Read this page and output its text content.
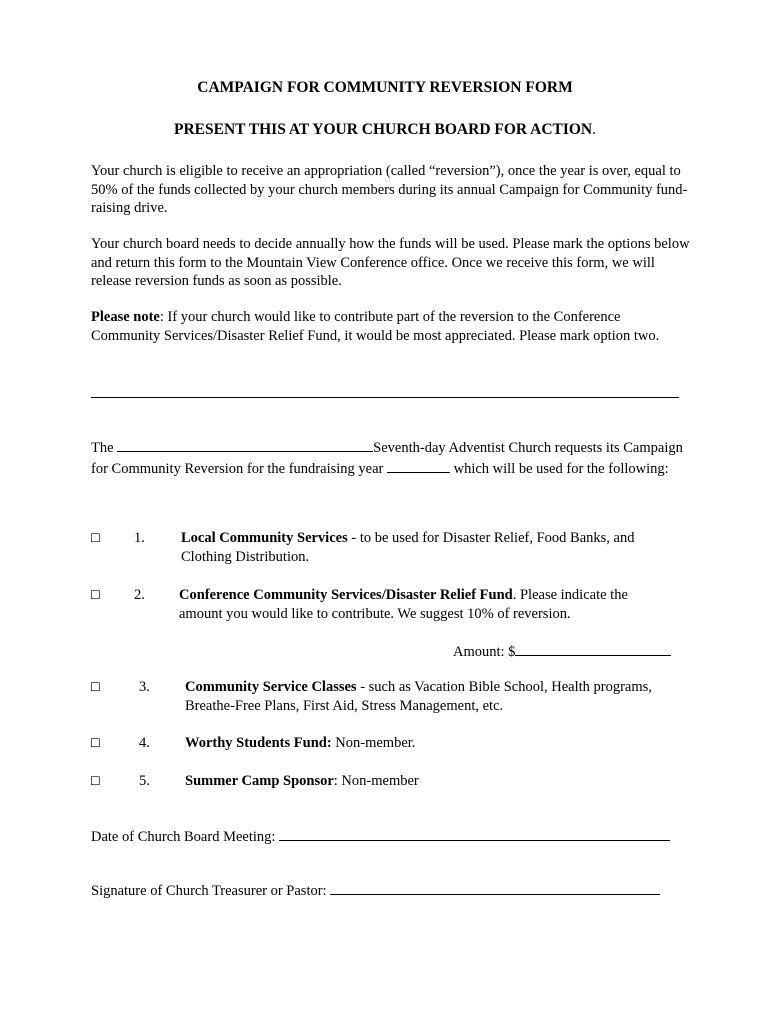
CAMPAIGN FOR COMMUNITY REVERSION FORM
PRESENT THIS AT YOUR CHURCH BOARD FOR ACTION.

Your church is eligible to receive an appropriation (called “reversion”), once the year is over, equal to 50% of the funds collected by your church members during its annual Campaign for Community fund-raising drive.

Your church board needs to decide annually how the funds will be used. Please mark the options below and return this form to the Mountain View Conference office. Once we receive this form, we will release reversion funds as soon as possible.

Please note: If your church would like to contribute part of the reversion to the Conference Community Services/Disaster Relief Fund, it would be most appreciated. Please mark option two.

The	Seventh-day Adventist Church requests its Campaign for Community Reversion for the fundraising year	which will be used for the following:

☐ 1. Local Community Services - to be used for Disaster Relief, Food Banks, and Clothing Distribution.
☐ 2. Conference Community Services/Disaster Relief Fund. Please indicate the amount you would like to contribute. We suggest 10% of reversion.
Amount: $
☐	3. Community Service Classes - such as Vacation Bible School, Health programs, Breathe-Free Plans, First Aid, Stress Management, etc.
☐	4. Worthy Students Fund: Non-member.
☐	5. Summer Camp Sponsor: Non-member
Date of Church Board Meeting:
Signature of Church Treasurer or Pastor:
